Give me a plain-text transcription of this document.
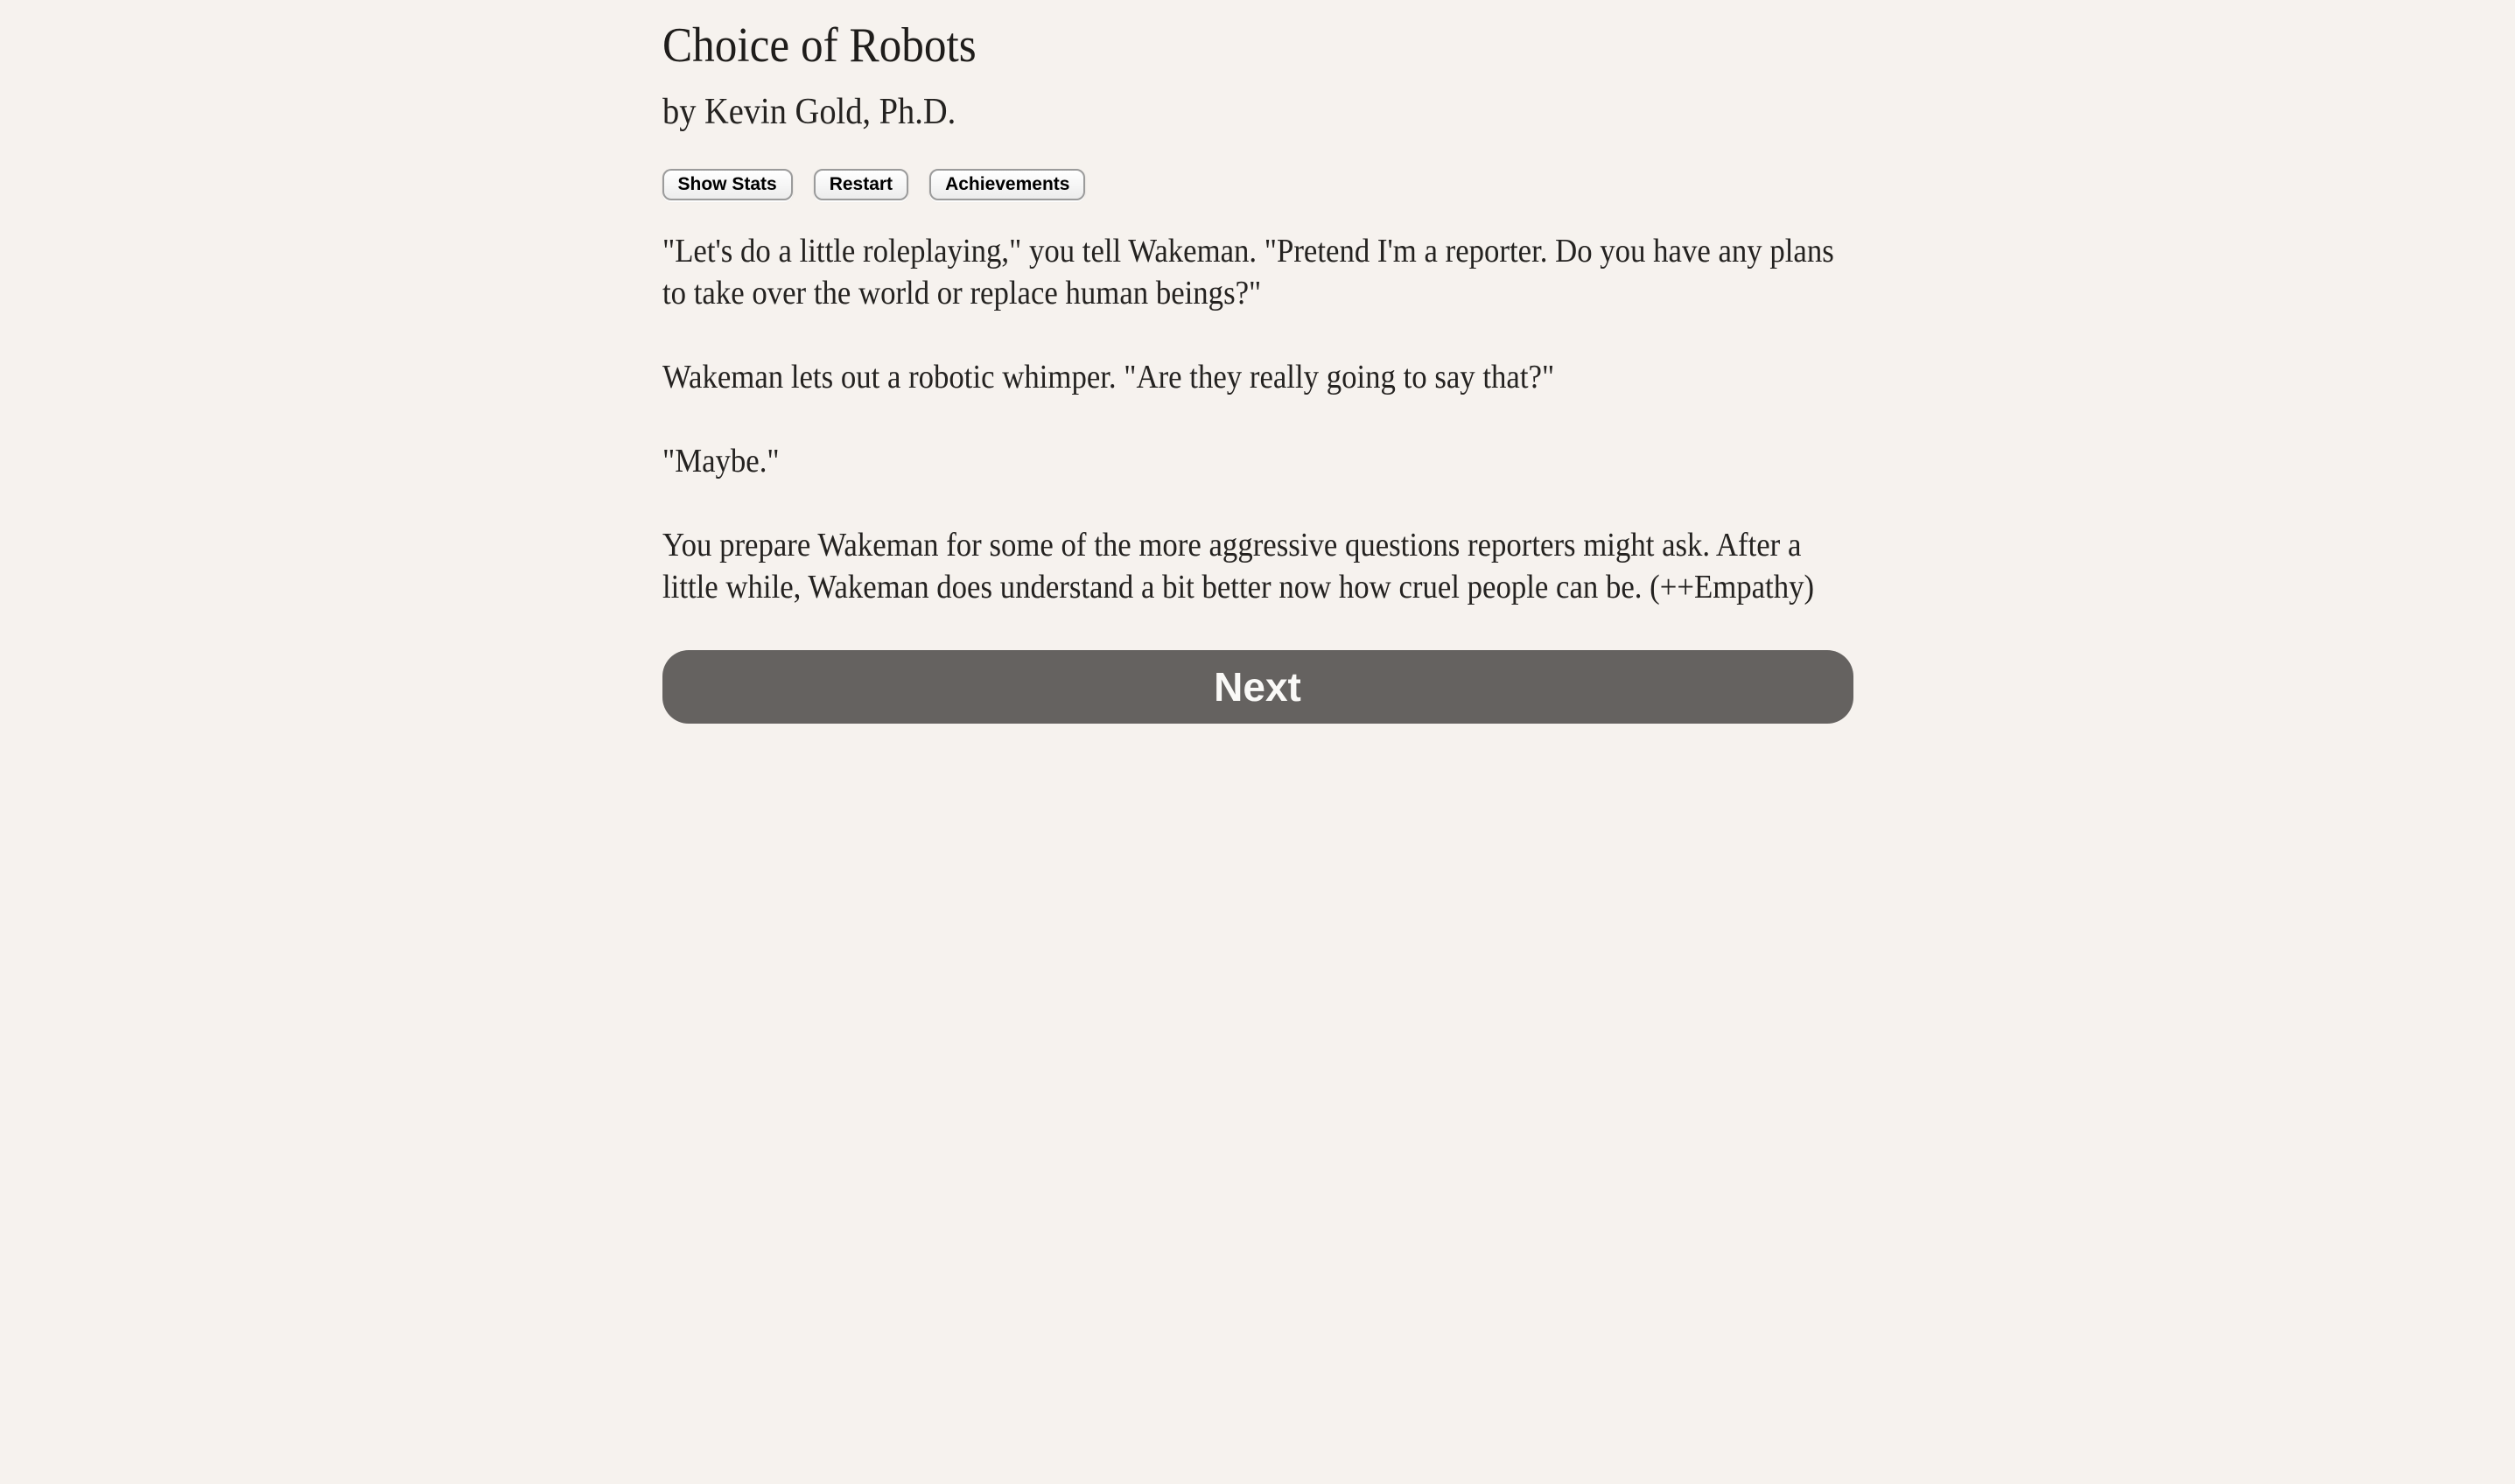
Choice of Robots
by Kevin Gold, Ph.D.
Show Stats	Restart	Achievements

"Let's do a little roleplaying," you tell Wakeman. "Pretend I'm a reporter. Do you have any plans to take over the world or replace human beings?"

Wakeman lets out a robotic whimper. "Are they really going to say that?"

"Maybe."

You prepare Wakeman for some of the more aggressive questions reporters might ask. After a little while, Wakeman does understand a bit better now how cruel people can be. (++Empathy)

Next
